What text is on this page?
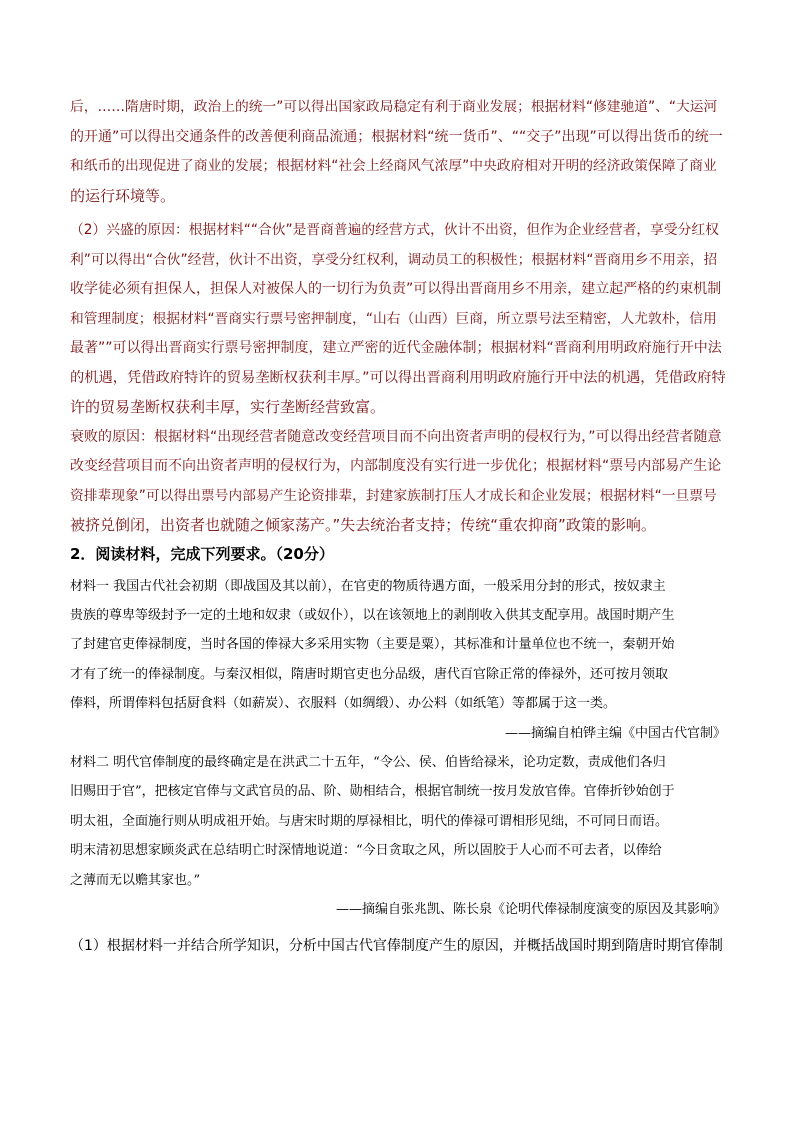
后，……隋唐时期，政治上的统一”可以得出国家政局稳定有利于商业发展；根据材料“修建驰道”、“大运河

的开通”可以得出交通条件的改善便利商品流通；根据材料“统一货币”、““交子”出现”可以得出货币的统一

和纸币的出现促进了商业的发展；根据材料“社会上经商风气浓厚”中央政府相对开明的经济政策保障了商业

的运行环境等。

（2）兴盛的原因：根据材料““合伙”是晋商普遍的经营方式，伙计不出资，但作为企业经营者，享受分红权

利”可以得出“合伙”经营，伙计不出资，享受分红权利，调动员工的积极性；根据材料“晋商用乡不用亲，招

收学徒必须有担保人，担保人对被保人的一切行为负责”可以得出晋商用乡不用亲，建立起严格的约束机制

和管理制度；根据材料“晋商实行票号密押制度，“山右（山西）巨商，所立票号法至精密，人尤敦朴，信用

最著””可以得出晋商实行票号密押制度，建立严密的近代金融体制；根据材料“晋商利用明政府施行开中法

的机遇，凭借政府特许的贸易垄断权获利丰厚。”可以得出晋商利用明政府施行开中法的机遇，凭借政府特

许的贸易垄断权获利丰厚，实行垄断经营致富。

衰败的原因：根据材料“出现经营者随意改变经营项目而不向出资者声明的侵权行为，”可以得出经营者随意

改变经营项目而不向出资者声明的侵权行为，内部制度没有实行进一步优化；根据材料“票号内部易产生论

资排辈现象”可以得出票号内部易产生论资排辈，封建家族制打压人才成长和企业发展；根据材料“一旦票号

被挤兑倒闭，出资者也就随之倾家荡产。”失去统治者支持；传统“重农抑商”政策的影响。

2．阅读材料，完成下列要求。（20分）

材料一 我国古代社会初期（即战国及其以前），在官吏的物质待遇方面，一般采用分封的形式，按奴隶主

贵族的尊卑等级封予一定的土地和奴隶（或奴仆），以在该领地上的剥削收入供其支配享用。战国时期产生

了封建官吏俸禄制度，当时各国的俸禄大多采用实物（主要是粟），其标准和计量单位也不统一，秦朝开始

才有了统一的俸禄制度。与秦汉相似，隋唐时期官吏也分品级，唐代百官除正常的俸禄外，还可按月领取

俸料，所谓俸料包括厨食料（如薪炭）、衣服料（如绸缎）、办公料（如纸笔）等都属于这一类。

——摘编自柏铧主编《中国古代官制》

材料二 明代官俸制度的最终确定是在洪武二十五年，“令公、侯、伯皆给禄米，论功定数，责成他们各归

旧赐田于官”，把核定官俸与文武官员的品、阶、勋相结合，根据官制统一按月发放官俸。官俸折钞始创于

明太祖，全面施行则从明成祖开始。与唐宋时期的厚禄相比，明代的俸禄可谓相形见绌，不可同日而语。

明末清初思想家顾炎武在总结明亡时深情地说道：“今日贪取之风，所以固胶于人心而不可去者，以俸给

之薄而无以赡其家也。”

——摘编自张兆凯、陈长泉《论明代俸禄制度演变的原因及其影响》

（1）根据材料一并结合所学知识，分析中国古代官俸制度产生的原因，并概括战国时期到隋唐时期官俸制
